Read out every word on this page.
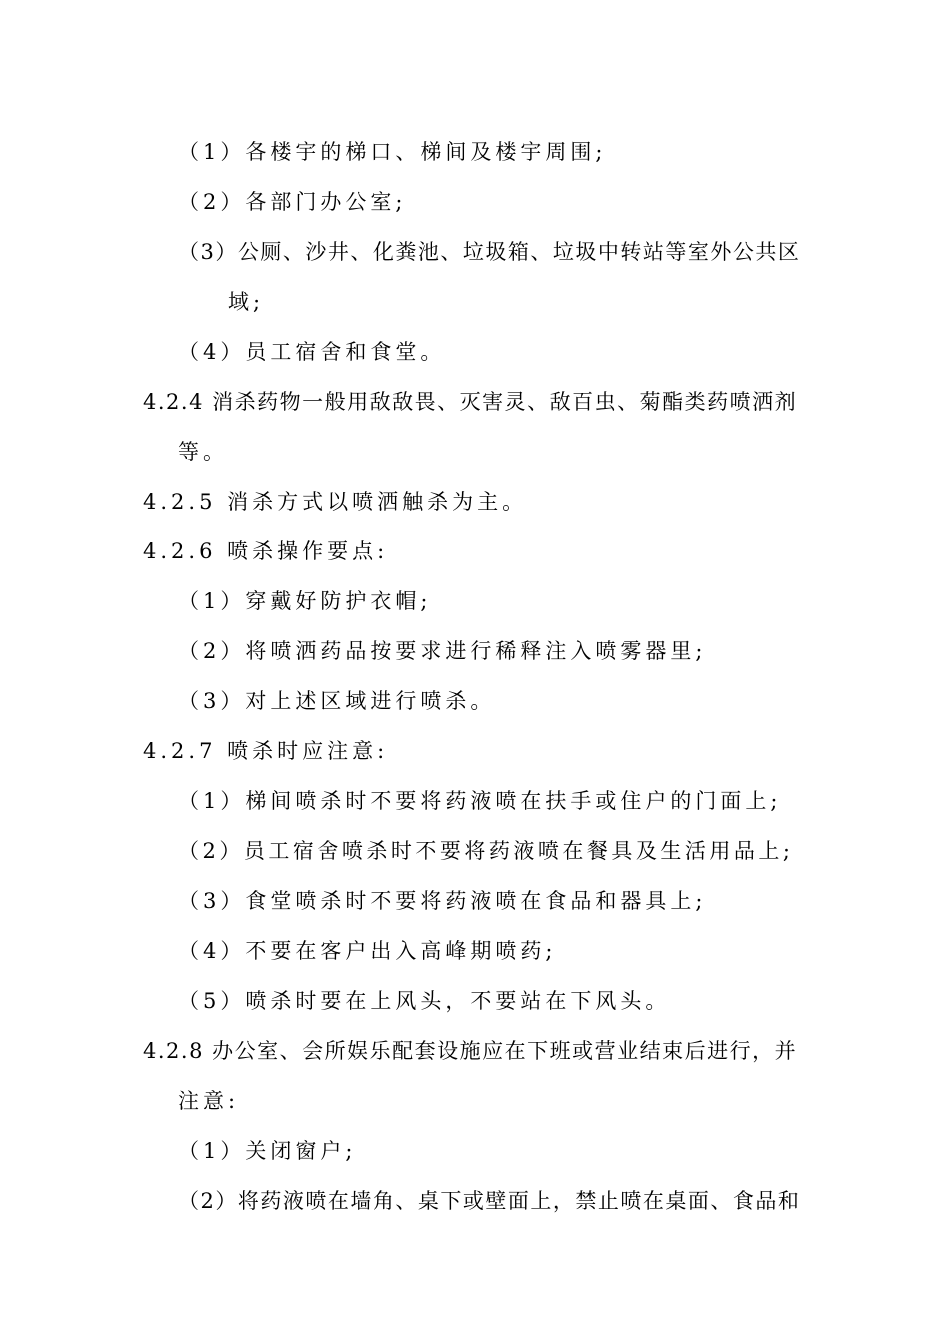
（1）各楼宇的梯口、梯间及楼宇周围;
（2）各部门办公室;
（3）公厕、沙井、化粪池、垃圾箱、垃圾中转站等室外公共区
域;
（4）员工宿舍和食堂。
4.2.4 消杀药物一般用敌敌畏、灭害灵、敌百虫、菊酯类药喷洒剂
等。
4.2.5 消杀方式以喷洒触杀为主。
4.2.6 喷杀操作要点:
（1）穿戴好防护衣帽;
（2）将喷洒药品按要求进行稀释注入喷雾器里;
（3）对上述区域进行喷杀。
4.2.7 喷杀时应注意:
（1）梯间喷杀时不要将药液喷在扶手或住户的门面上;
（2）员工宿舍喷杀时不要将药液喷在餐具及生活用品上;
（3）食堂喷杀时不要将药液喷在食品和器具上;
（4）不要在客户出入高峰期喷药;
（5）喷杀时要在上风头，不要站在下风头。
4.2.8 办公室、会所娱乐配套设施应在下班或营业结束后进行，并
注意:
（1）关闭窗户;
（2）将药液喷在墙角、桌下或壁面上，禁止喷在桌面、食品和
